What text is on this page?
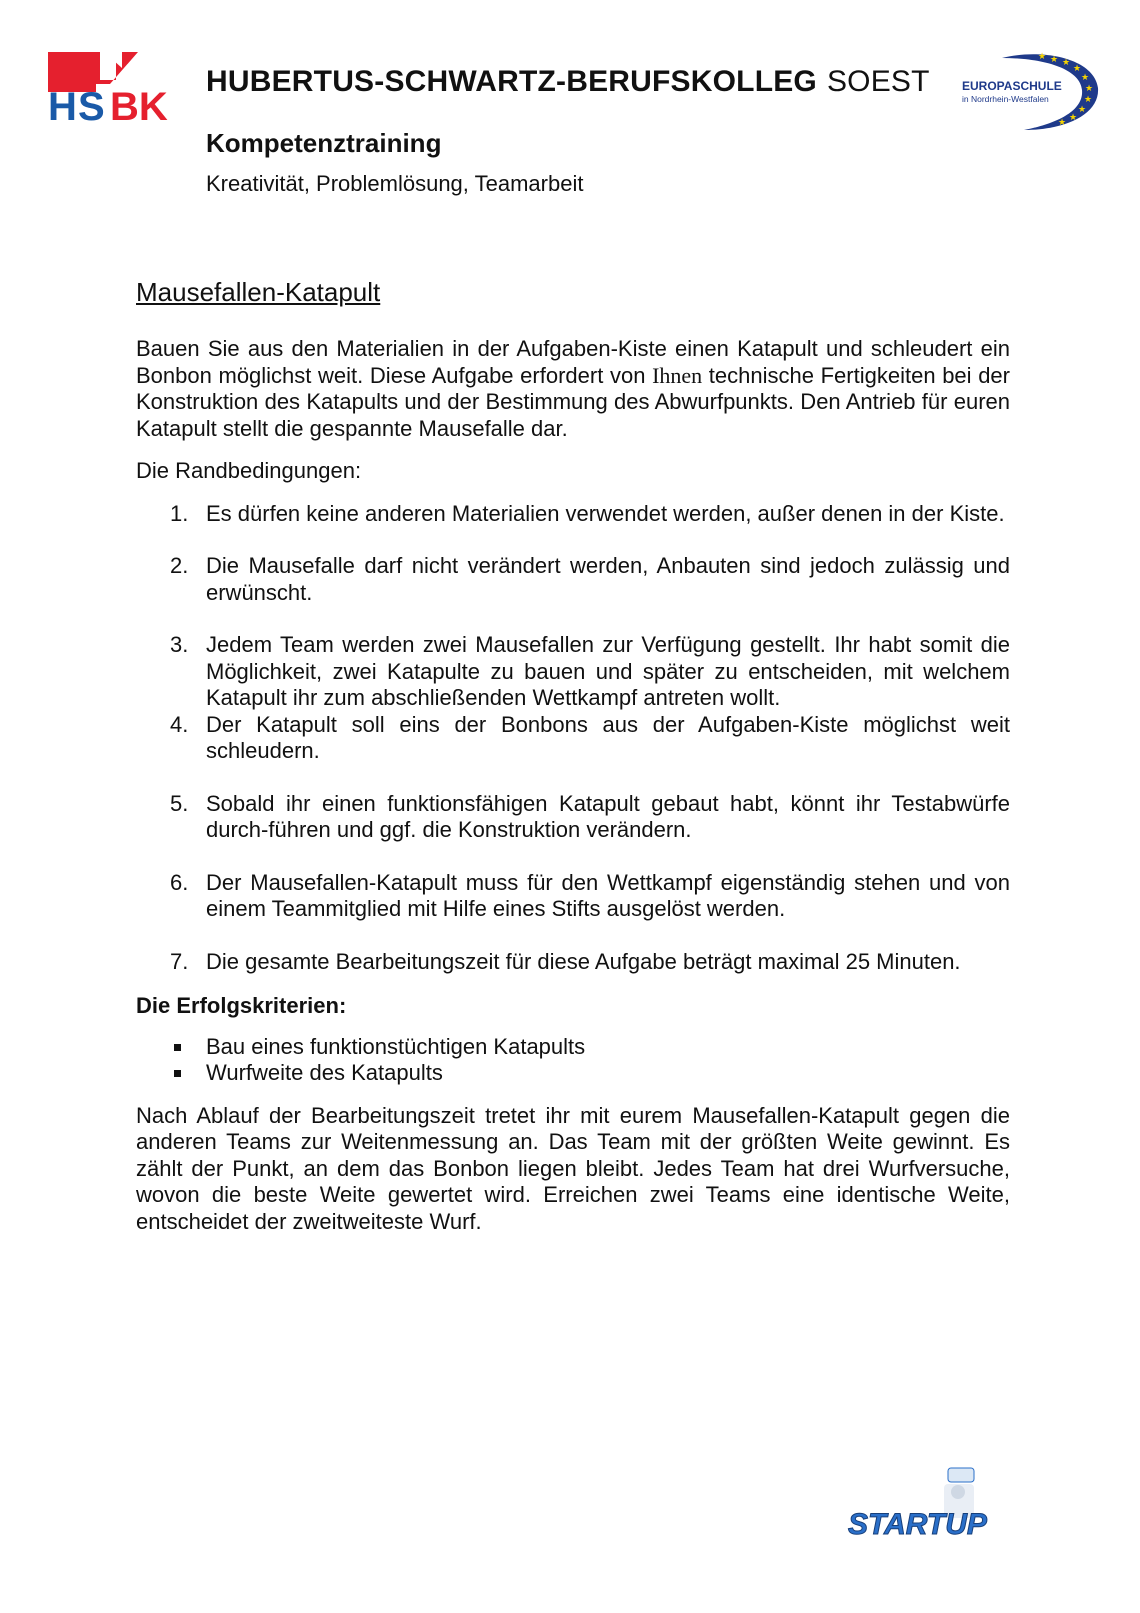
H S BK
HUBERTUS-SCHWARTZ-BERUFSKOLLEG SOEST
★ ★
★
★
★
★
★
★
★
★
EUROPASCHULE
in Nordrhein-Westfalen
Kompetenztraining
Kreativität, Problemlösung, Teamarbeit
Mausefallen-Katapult

Bauen Sie aus den Materialien in der Aufgaben-Kiste einen Katapult und schleudert ein Bonbon möglichst weit. Diese Aufgabe erfordert von Ihnen technische Fertigkeiten bei der Konstruktion des Katapults und der Bestimmung des Abwurfpunkts. Den Antrieb für euren Katapult stellt die gespannte Mausefalle dar.

Die Randbedingungen:

1. Es dürfen keine anderen Materialien verwendet werden, außer denen in der Kiste.
2. Die Mausefalle darf nicht verändert werden, Anbauten sind jedoch zulässig und erwünscht.
3. Jedem Team werden zwei Mausefallen zur Verfügung gestellt. Ihr habt somit die Möglichkeit, zwei Katapulte zu bauen und später zu entscheiden, mit welchem Katapult ihr zum abschließenden Wettkampf antreten wollt.
4. Der Katapult soll eins der Bonbons aus der Aufgaben-Kiste möglichst weit schleudern.
5. Sobald ihr einen funktionsfähigen Katapult gebaut habt, könnt ihr Testabwürfe durch-führen und ggf. die Konstruktion verändern.
6. Der Mausefallen-Katapult muss für den Wettkampf eigenständig stehen und von einem Teammitglied mit Hilfe eines Stifts ausgelöst werden.
7. Die gesamte Bearbeitungszeit für diese Aufgabe beträgt maximal 25 Minuten.

Die Erfolgskriterien:

Bau eines funktionstüchtigen Katapults
Wurfweite des Katapults

Nach Ablauf der Bearbeitungszeit tretet ihr mit eurem Mausefallen-Katapult gegen die anderen Teams zur Weitenmessung an. Das Team mit der größten Weite gewinnt. Es zählt der Punkt, an dem das Bonbon liegen bleibt. Jedes Team hat drei Wurfversuche, wovon die beste Weite gewertet wird. Erreichen zwei Teams eine identische Weite, entscheidet der zweitweiteste Wurf.

STARTUP
